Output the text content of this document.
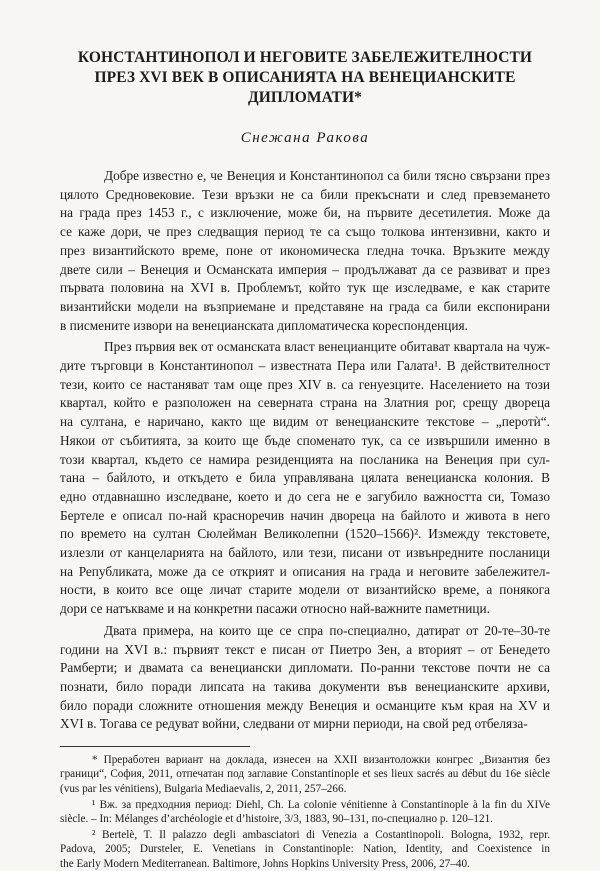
КОНСТАНТИНОПОЛ И НЕГОВИТЕ ЗАБЕЛЕЖИТЕЛНОСТИ
ПРЕЗ XVI ВЕК В ОПИСАНИЯТА НА ВЕНЕЦИАНСКИТЕ ДИПЛОМАТИ*
Снежана Ракова

Добре известно е, че Венеция и Константинопол са били тясно свързани през
цялото Средновековие. Тези връзки не са били прекъснати и след превземането
на града през 1453 г., с изключение, може би, на първите десетилетия. Може да
се каже дори, че през следващия период те са също толкова интензивни, както и
през византийското време, поне от икономическа гледна точка. Връзките между
двете сили – Венеция и Османската империя – продължават да се развиват и през
първата половина на XVI в. Проблемът, който тук ще изследваме, е как старите
византийски модели на възприемане и представяне на града са били експонирани
в писмените извори на венецианската дипломатическа кореспонденция.

През първия век от османската власт венецианците обитават квартала на чуж-
дите търговци в Константинопол – известната Пера или Галата¹. В действителност
тези, които се настаняват там още през XIV в. са генуезците. Населението на този
квартал, който е разположен на северната страна на Златния рог, срещу двореца
на султана, е наричано, както ще видим от венецианските текстове – „перотѝ“.
Някои от събитията, за които ще бъде споменато тук, са се извършили именно в
този квартал, където се намира резиденцията на посланика на Венеция при сул-
тана – байлото, и откъдето е била управлявана цялата венецианска колония. В
едно отдавнашно изследване, което и до сега не е загубило важността си, Томазо
Бертеле е описал по-най красноречив начин двореца на байлото и живота в него
по времето на султан Сюлейман Великолепни (1520–1566)². Измежду текстовете,
излезли от канцеларията на байлото, или тези, писани от извънредните посланици
на Републиката, може да се открият и описания на града и неговите забележител-
ности, в които все още личат старите модели от византийско време, а понякога
дори се натъкваме и на конкретни пасажи относно най-важните паметници.

Двата примера, на които ще се спра по-специално, датират от 20-те–30-те
години на XVI в.: първият текст е писан от Пиетро Зен, а вторият – от Бенедето
Рамберти; и двамата са венециански дипломати. По-ранни текстове почти не са
познати, било поради липсата на такива документи във венецианските архиви,
било поради сложните отношения между Венеция и османците към края на XV и
XVI в. Тогава се редуват войни, следвани от мирни периоди, на свой ред отбеляза-

* Преработен вариант на доклада, изнесен на XXII византоложки конгрес „Византия без
граници“, София, 2011, отпечатан под заглавие Constantinople et ses lieux sacrés au début du 16e siècle
(vus par les vénitiens), Bulgaria Mediaevalis, 2, 2011, 257–266.

¹ Вж. за предходния период: Diehl, Ch. La colonie vénitienne à Constantinople à la fin du XIVe
siècle. – In: Mélanges d’archéologie et d’histoire, 3/3, 1883, 90–131, по-специално р. 120–121.

² Bertelè, T. Il palazzo degli ambasciatori di Venezia a Costantinopoli. Bologna, 1932, repr.
Padova, 2005; Dursteler, E. Venetians in Constantinople: Nation, Identity, and Coexistence in
the Early Modern Mediterranean. Baltimore, Johns Hopkins University Press, 2006, 27–40.
